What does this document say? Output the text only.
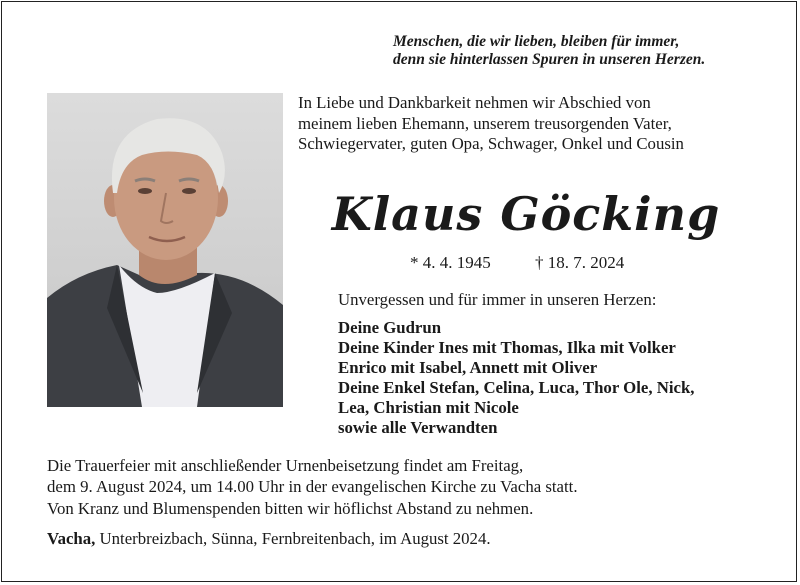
Menschen, die wir lieben, bleiben für immer,
denn sie hinterlassen Spuren in unseren Herzen.
In Liebe und Dankbarkeit nehmen wir Abschied von
meinem lieben Ehemann, unserem treusorgenden Vater,
Schwiegervater, guten Opa, Schwager, Onkel und Cousin
Klaus Göcking
* 4. 4. 1945	† 18. 7. 2024
Unvergessen und für immer in unseren Herzen:
Deine Gudrun
Deine Kinder Ines mit Thomas, Ilka mit Volker
Enrico mit Isabel, Annett mit Oliver
Deine Enkel Stefan, Celina, Luca, Thor Ole, Nick,
Lea, Christian mit Nicole
sowie alle Verwandten
Die Trauerfeier mit anschließender Urnenbeisetzung findet am Freitag,
dem 9. August 2024, um 14.00 Uhr in der evangelischen Kirche zu Vacha statt.
Von Kranz und Blumenspenden bitten wir höflichst Abstand zu nehmen.
Vacha, Unterbreizbach, Sünna, Fernbreitenbach, im August 2024.
